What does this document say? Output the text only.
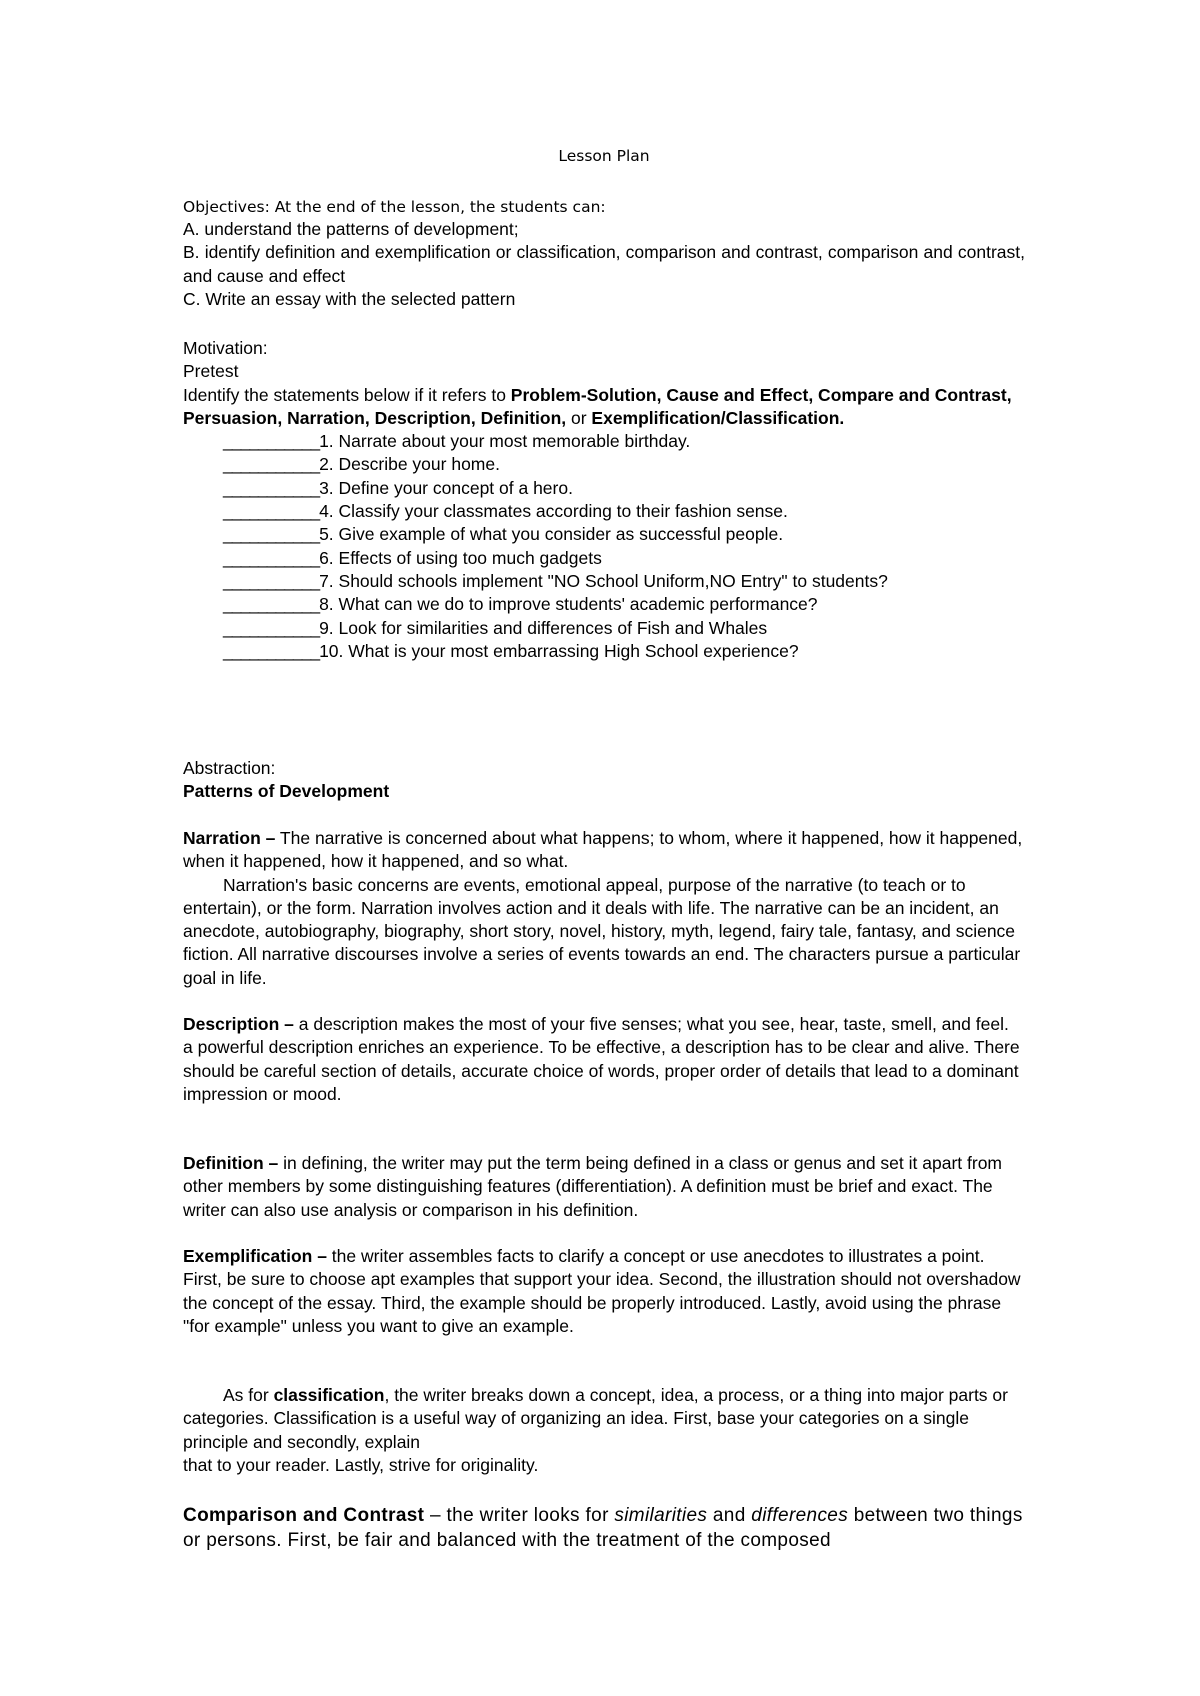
Lesson Plan

Objectives: At the end of the lesson, the students can:

A. understand the patterns of development;

B. identify definition and exemplification or classification, comparison and contrast, comparison and contrast, and cause and effect

C. Write an essay with the selected pattern

Motivation:

Pretest

Identify the statements below if it refers to Problem-Solution, Cause and Effect, Compare and Contrast, Persuasion, Narration, Description, Definition, or Exemplification/Classification.

___________1. Narrate about your most memorable birthday.

___________2. Describe your home.

___________3. Define your concept of a hero.

___________4. Classify your classmates according to their fashion sense.

___________5. Give example of what you consider as successful people.

___________6. Effects of using too much gadgets

___________7. Should schools implement "NO School Uniform,NO Entry" to students?

___________8. What can we do to improve students' academic performance?

___________9. Look for similarities and differences of Fish and Whales

___________10. What is your most embarrassing High School experience?

Abstraction:

Patterns of Development

Narration – The narrative is concerned about what happens; to whom, where it happened, how it happened, when it happened, how it happened, and so what.

Narration's basic concerns are events, emotional appeal, purpose of the narrative (to teach or to entertain), or the form. Narration involves action and it deals with life. The narrative can be an incident, an anecdote, autobiography, biography, short story, novel, history, myth, legend, fairy tale, fantasy, and science fiction. All narrative discourses involve a series of events towards an end. The characters pursue a particular goal in life.

Description – a description makes the most of your five senses; what you see, hear, taste, smell, and feel.

a powerful description enriches an experience. To be effective, a description has to be clear and alive. There should be careful section of details, accurate choice of words, proper order of details that lead to a dominant impression or mood.

Definition – in defining, the writer may put the term being defined in a class or genus and set it apart from other members by some distinguishing features (differentiation). A definition must be brief and exact. The writer can also use analysis or comparison in his definition.

Exemplification – the writer assembles facts to clarify a concept or use anecdotes to illustrates a point. First, be sure to choose apt examples that support your idea. Second, the illustration should not overshadow the concept of the essay. Third, the example should be properly introduced. Lastly, avoid using the phrase "for example" unless you want to give an example.

As for classification, the writer breaks down a concept, idea, a process, or a thing into major parts or categories. Classification is a useful way of organizing an idea. First, base your categories on a single principle and secondly, explain

that to your reader. Lastly, strive for originality.

Comparison and Contrast – the writer looks for similarities and differences between two things or persons. First, be fair and balanced with the treatment of the composed
